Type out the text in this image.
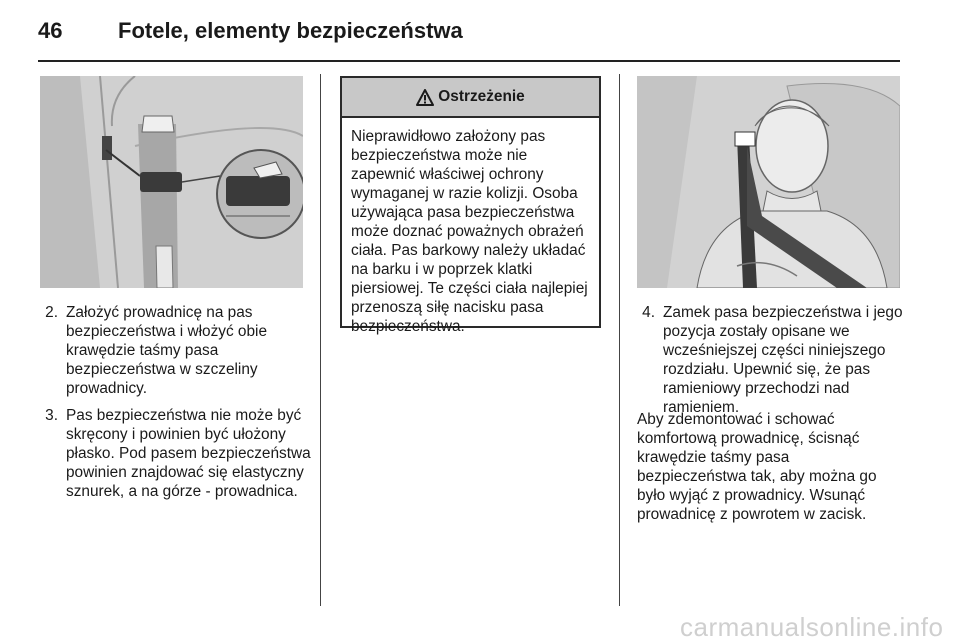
46	Fotele, elementy bezpieczeństwa
2. Założyć prowadnicę na pas bezpieczeństwa i włożyć obie krawędzie taśmy pasa bezpieczeństwa w szczeliny prowadnicy.
3. Pas bezpieczeństwa nie może być skręcony i powinien być ułożony płasko. Pod pasem bezpieczeństwa powinien znajdować się elastyczny sznurek, a na górze - prowadnica.
Ostrzeżenie
Nieprawidłowo założony pas bezpieczeństwa może nie zapewnić właściwej ochrony wymaganej w razie kolizji. Osoba używająca pasa bezpieczeństwa może doznać poważnych obrażeń ciała. Pas barkowy należy układać na barku i w poprzek klatki piersiowej. Te części ciała najlepiej przenoszą siłę nacisku pasa bezpieczeństwa.
4. Zamek pasa bezpieczeństwa i jego pozycja zostały opisane we wcześniejszej części niniejszego rozdziału. Upewnić się, że pas ramieniowy przechodzi nad ramieniem.

Aby zdemontować i schować komfortową prowadnicę, ścisnąć krawędzie taśmy pasa bezpieczeństwa tak, aby można go było wyjąć z prowadnicy. Wsunąć prowadnicę z powrotem w zacisk.

carmanualsonline.info
